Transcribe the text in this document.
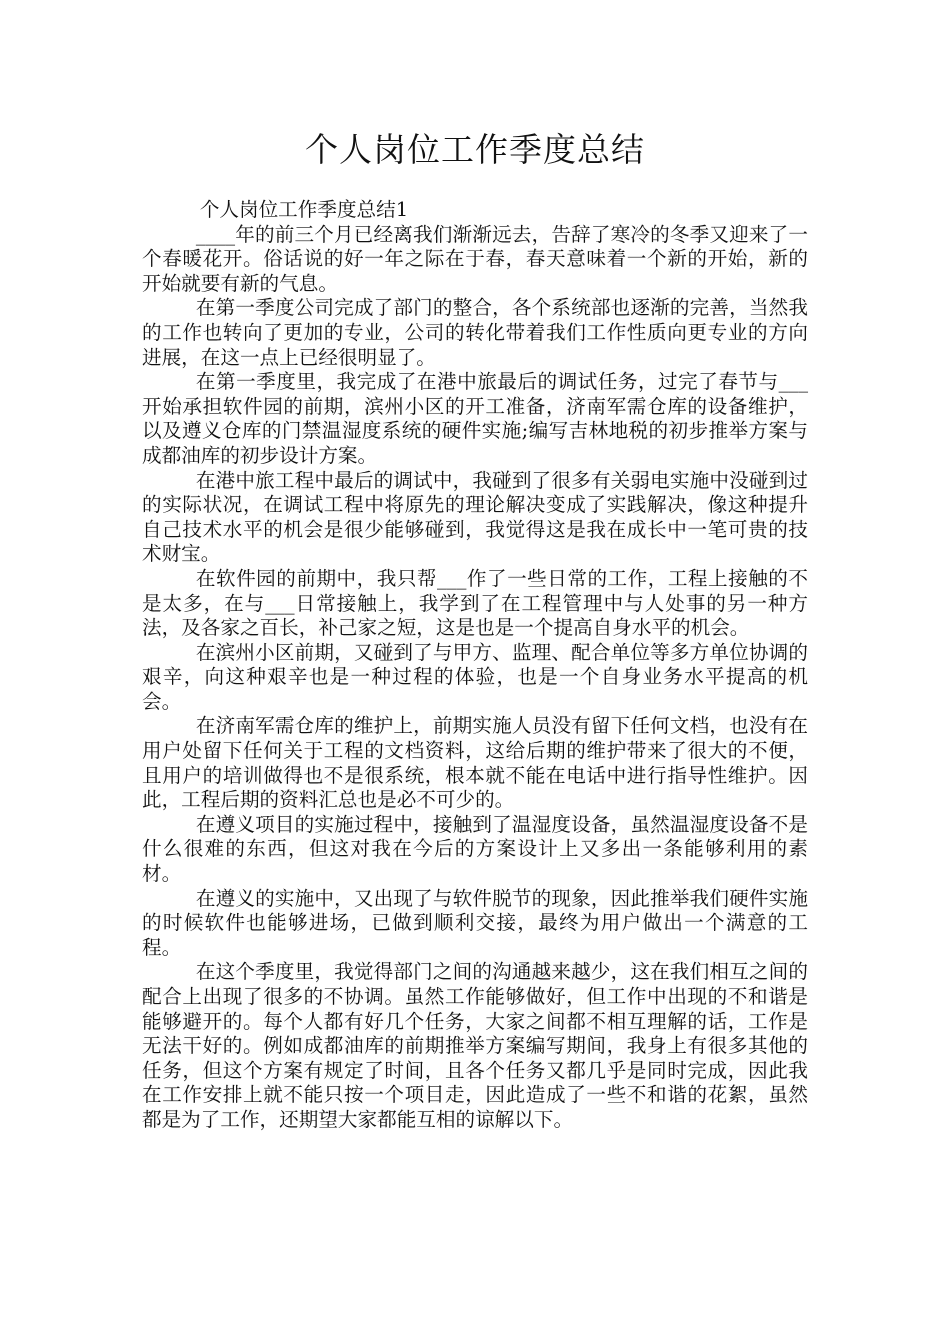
个人岗位工作季度总结

个人岗位工作季度总结1

____年的前三个月已经离我们渐渐远去，告辞了寒冷的冬季又迎来了一个春暖花开。俗话说的好一年之际在于春，春天意味着一个新的开始，新的开始就要有新的气息。

在第一季度公司完成了部门的整合，各个系统部也逐渐的完善，当然我的工作也转向了更加的专业，公司的转化带着我们工作性质向更专业的方向进展，在这一点上已经很明显了。

在第一季度里，我完成了在港中旅最后的调试任务，过完了春节与___开始承担软件园的前期，滨州小区的开工准备，济南军需仓库的设备维护，以及遵义仓库的门禁温湿度系统的硬件实施;编写吉林地税的初步推举方案与成都油库的初步设计方案。

在港中旅工程中最后的调试中，我碰到了很多有关弱电实施中没碰到过的实际状况，在调试工程中将原先的理论解决变成了实践解决，像这种提升自己技术水平的机会是很少能够碰到，我觉得这是我在成长中一笔可贵的技术财宝。

在软件园的前期中，我只帮___作了一些日常的工作，工程上接触的不是太多，在与___日常接触上，我学到了在工程管理中与人处事的另一种方法，及各家之百长，补己家之短，这是也是一个提高自身水平的机会。

在滨州小区前期，又碰到了与甲方、监理、配合单位等多方单位协调的艰辛，向这种艰辛也是一种过程的体验，也是一个自身业务水平提高的机会。

在济南军需仓库的维护上，前期实施人员没有留下任何文档，也没有在用户处留下任何关于工程的文档资料，这给后期的维护带来了很大的不便，且用户的培训做得也不是很系统，根本就不能在电话中进行指导性维护。因此，工程后期的资料汇总也是必不可少的。

在遵义项目的实施过程中，接触到了温湿度设备，虽然温湿度设备不是什么很难的东西，但这对我在今后的方案设计上又多出一条能够利用的素材。

在遵义的实施中，又出现了与软件脱节的现象，因此推举我们硬件实施的时候软件也能够进场，已做到顺利交接，最终为用户做出一个满意的工程。

在这个季度里，我觉得部门之间的沟通越来越少，这在我们相互之间的配合上出现了很多的不协调。虽然工作能够做好，但工作中出现的不和谐是能够避开的。每个人都有好几个任务，大家之间都不相互理解的话，工作是无法干好的。例如成都油库的前期推举方案编写期间，我身上有很多其他的任务，但这个方案有规定了时间，且各个任务又都几乎是同时完成，因此我在工作安排上就不能只按一个项目走，因此造成了一些不和谐的花絮，虽然都是为了工作，还期望大家都能互相的谅解以下。
